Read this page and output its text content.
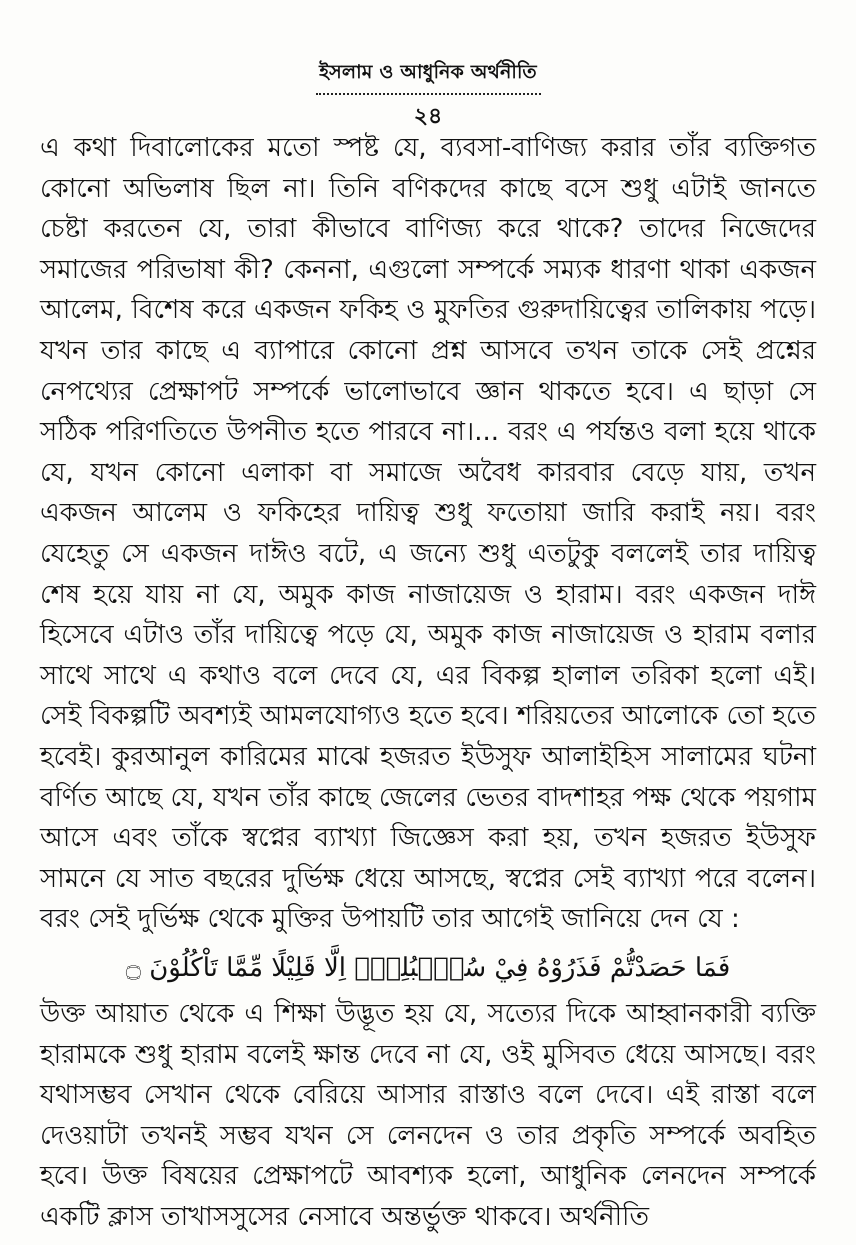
ইসলাম ও আধুনিক অর্থনীতি
২৪

এ কথা দিবালোকের মতো স্পষ্ট যে, ব্যবসা-বাণিজ্য করার তাঁর ব্যক্তিগত কোনো অভিলাষ ছিল না। তিনি বণিকদের কাছে বসে শুধু এটাই জানতে চেষ্টা করতেন যে, তারা কীভাবে বাণিজ্য করে থাকে? তাদের নিজেদের সমাজের পরিভাষা কী? কেননা, এগুলো সম্পর্কে সম্যক ধারণা থাকা একজন আলেম, বিশেষ করে একজন ফকিহ ও মুফতির গুরুদায়িত্বের তালিকায় পড়ে। যখন তার কাছে এ ব্যাপারে কোনো প্রশ্ন আসবে তখন তাকে সেই প্রশ্নের নেপথ্যের প্রেক্ষাপট সম্পর্কে ভালোভাবে জ্ঞান থাকতে হবে। এ ছাড়া সে সঠিক পরিণতিতে উপনীত হতে পারবে না।... বরং এ পর্যন্তও বলা হয়ে থাকে যে, যখন কোনো এলাকা বা সমাজে অবৈধ কারবার বেড়ে যায়, তখন একজন আলেম ও ফকিহের দায়িত্ব শুধু ফতোয়া জারি করাই নয়। বরং যেহেতু সে একজন দাঈও বটে, এ জন্যে শুধু এতটুকু বললেই তার দায়িত্ব শেষ হয়ে যায় না যে, অমুক কাজ নাজায়েজ ও হারাম। বরং একজন দাঈ হিসেবে এটাও তাঁর দায়িত্বে পড়ে যে, অমুক কাজ নাজায়েজ ও হারাম বলার সাথে সাথে এ কথাও বলে দেবে যে, এর বিকল্প হালাল তরিকা হলো এই। সেই বিকল্পটি অবশ্যই আমলযোগ্যও হতে হবে। শরিয়তের আলোকে তো হতে হবেই। কুরআনুল কারিমের মাঝে হজরত ইউসুফ আলাইহিস সালামের ঘটনা বর্ণিত আছে যে, যখন তাঁর কাছে জেলের ভেতর বাদশাহর পক্ষ থেকে পয়গাম আসে এবং তাঁকে স্বপ্নের ব্যাখ্যা জিজ্ঞেস করা হয়, তখন হজরত ইউসুফ সামনে যে সাত বছরের দুর্ভিক্ষ ধেয়ে আসছে, স্বপ্নের সেই ব্যাখ্যা পরে বলেন। বরং সেই দুর্ভিক্ষ থেকে মুক্তির উপায়টি তার আগেই জানিয়ে দেন যে :

فَمَا حَصَدْتُّمْ فَذَرُوْهُ فِيْ سُنْۢبُلِهٖۤ اِلَّا قَلِيْلًا مِّمَّا تَاْكُلُوْنَ ۝

উক্ত আয়াত থেকে এ শিক্ষা উদ্ভূত হয় যে, সত্যের দিকে আহ্বানকারী ব্যক্তি হারামকে শুধু হারাম বলেই ক্ষান্ত দেবে না যে, ওই মুসিবত ধেয়ে আসছে। বরং যথাসম্ভব সেখান থেকে বেরিয়ে আসার রাস্তাও বলে দেবে। এই রাস্তা বলে দেওয়াটা তখনই সম্ভব যখন সে লেনদেন ও তার প্রকৃতি সম্পর্কে অবহিত হবে। উক্ত বিষয়ের প্রেক্ষাপটে আবশ্যক হলো, আধুনিক লেনদেন সম্পর্কে একটি ক্লাস তাখাসসুসের নেসাবে অন্তর্ভুক্ত থাকবে। অর্থনীতি
